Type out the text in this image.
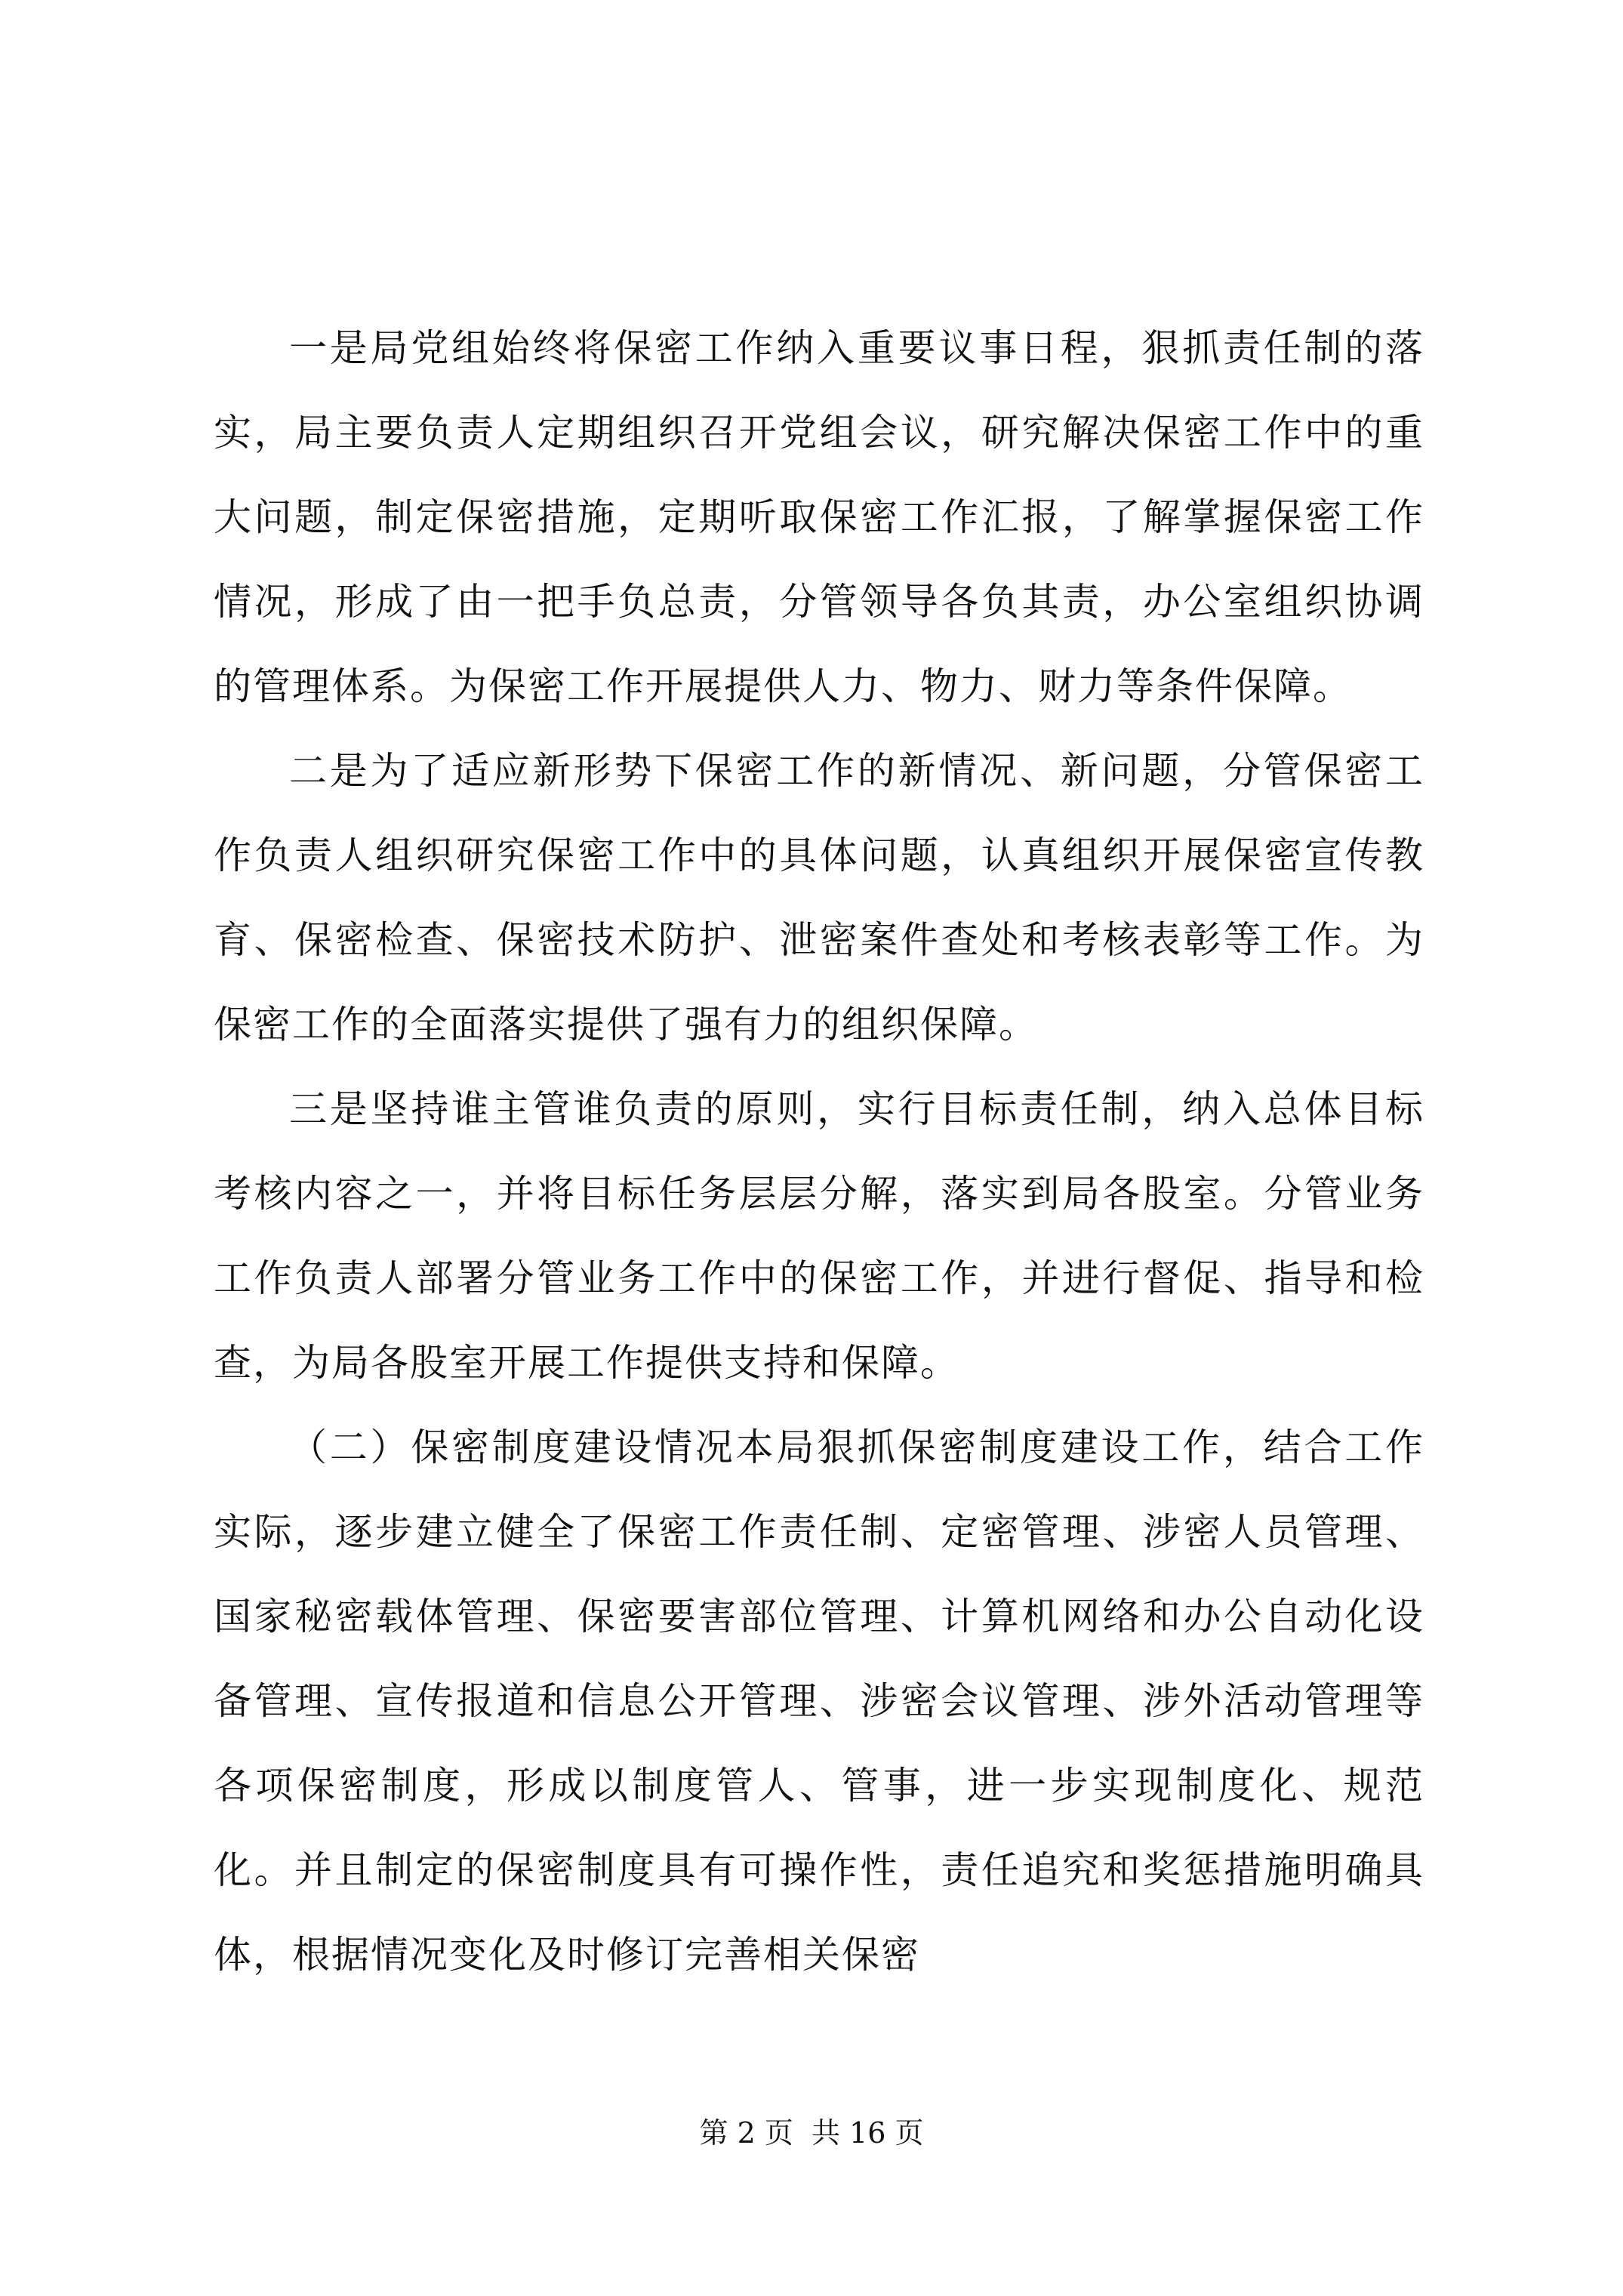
一是局党组始终将保密工作纳入重要议事日程，狠抓责任制的落实，局主要负责人定期组织召开党组会议，研究解决保密工作中的重大问题，制定保密措施，定期听取保密工作汇报，了解掌握保密工作情况，形成了由一把手负总责，分管领导各负其责，办公室组织协调的管理体系。为保密工作开展提供人力、物力、财力等条件保障。

二是为了适应新形势下保密工作的新情况、新问题，分管保密工作负责人组织研究保密工作中的具体问题，认真组织开展保密宣传教育、保密检查、保密技术防护、泄密案件查处和考核表彰等工作。为保密工作的全面落实提供了强有力的组织保障。

三是坚持谁主管谁负责的原则，实行目标责任制，纳入总体目标考核内容之一，并将目标任务层层分解，落实到局各股室。分管业务工作负责人部署分管业务工作中的保密工作，并进行督促、指导和检查，为局各股室开展工作提供支持和保障。

（二）保密制度建设情况本局狠抓保密制度建设工作，结合工作实际，逐步建立健全了保密工作责任制、定密管理、涉密人员管理、国家秘密载体管理、保密要害部位管理、计算机网络和办公自动化设备管理、宣传报道和信息公开管理、涉密会议管理、涉外活动管理等各项保密制度，形成以制度管人、管事，进一步实现制度化、规范化。并且制定的保密制度具有可操作性，责任追究和奖惩措施明确具体，根据情况变化及时修订完善相关保密

第 2 页  共 16 页
